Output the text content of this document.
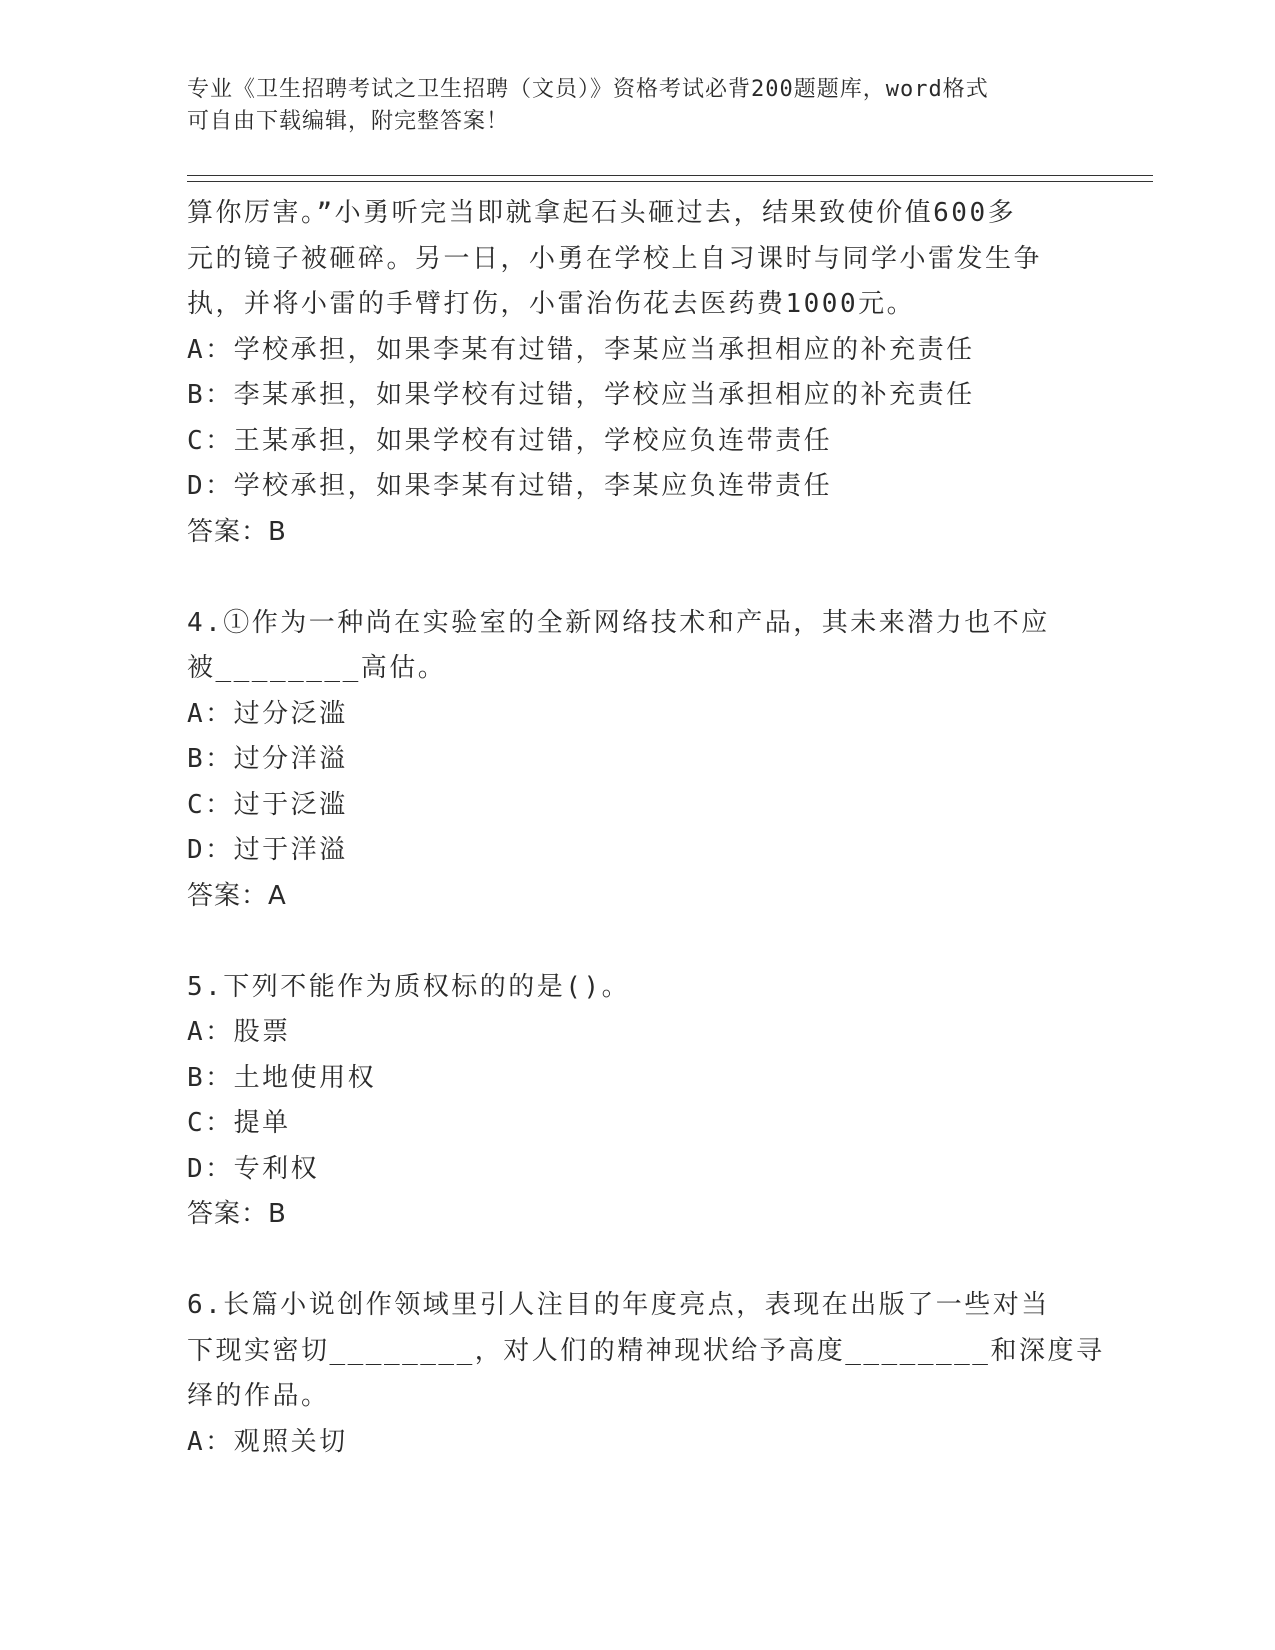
专业《卫生招聘考试之卫生招聘（文员）》资格考试必背200题题库，word格式
可自由下载编辑，附完整答案！

算你厉害。”小勇听完当即就拿起石头砸过去，结果致使价值600多

元的镜子被砸碎。另一日，小勇在学校上自习课时与同学小雷发生争

执，并将小雷的手臂打伤，小雷治伤花去医药费1000元。

A：学校承担，如果李某有过错，李某应当承担相应的补充责任

B：李某承担，如果学校有过错，学校应当承担相应的补充责任

C：王某承担，如果学校有过错，学校应负连带责任

D：学校承担，如果李某有过错，李某应负连带责任

答案：B

4.①作为一种尚在实验室的全新网络技术和产品，其未来潜力也不应

被________高估。

A：过分泛滥

B：过分洋溢

C：过于泛滥

D：过于洋溢

答案：A

5.下列不能作为质权标的的是()。

A：股票

B：土地使用权

C：提单

D：专利权

答案：B

6.长篇小说创作领域里引人注目的年度亮点，表现在出版了一些对当

下现实密切________，对人们的精神现状给予高度________和深度寻

绎的作品。

A：观照关切
